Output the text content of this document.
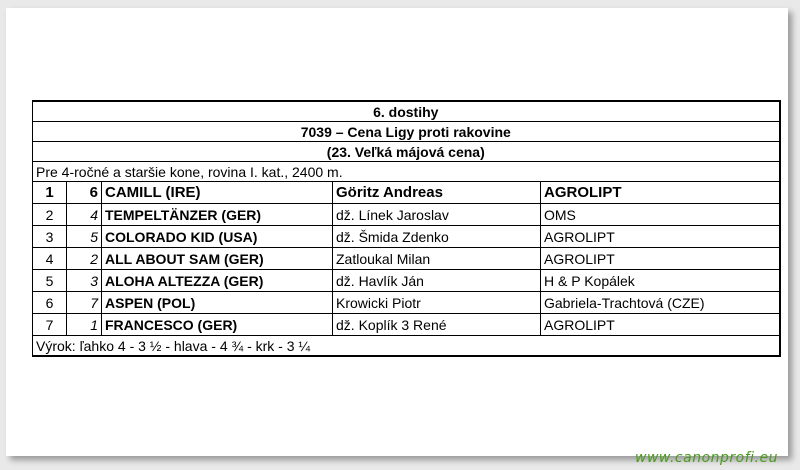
6. dostihy				
7039 – Cena Ligy proti rakovine				
(23. Veľká májová cena)				
Pre 4-ročné a staršie kone, rovina I. kat., 2400 m.				
1	6	CAMILL (IRE)	Göritz Andreas	AGROLIPT
2	4	TEMPELTÄNZER (GER)	dž. Línek Jaroslav	OMS
3	5	COLORADO KID (USA)	dž. Šmida Zdenko	AGROLIPT
4	2	ALL ABOUT SAM (GER)	Zatloukal Milan	AGROLIPT
5	3	ALOHA ALTEZZA (GER)	dž. Havlík Ján	H & P Kopálek
6	7	ASPEN (POL)	Krowicki Piotr	Gabriela-Trachtová (CZE)
7	1	FRANCESCO (GER)	dž. Koplík 3 René	AGROLIPT
Výrok: ľahko 4 - 3 ½ - hlava - 4 ¾ - krk - 3 ¼				
www.canonprofi.eu
